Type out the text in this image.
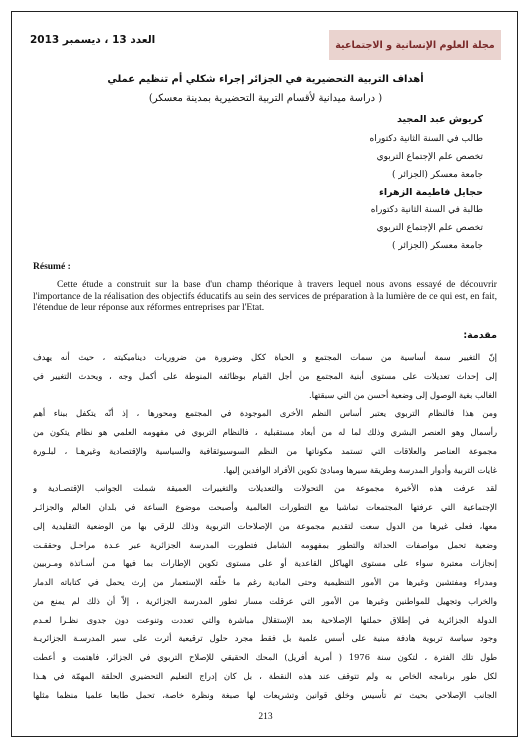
العدد 13 ، ديسمبر 2013	مجلة العلوم الإنسانية و الاجتماعية
أهداف التربية التحضيرية في الجزائر إجراء شكلي أم تنظيم عملي
( دراسة ميدانية لأقسام التربية التحضيرية بمدينة معسكر)
كريوش عبد المجيد
طالب في السنة الثانية دكتوراه
تخصص علم الإجتماع التربوي
جامعة معسكر (الجزائر )
حجايل فاطيمة الزهراء
طالبة في السنة الثانية دكتوراه
تخصص علم الإجتماع التربوي
جامعة معسكر (الجزائر )
Résumé :
Cette étude a construit sur la base d'un champ théorique à travers lequel nous avons essayé de découvrir l'importance de la réalisation des objectifs éducatifs au sein des services de préparation à la lumière de ce qui est, en fait, l'étendue de leur réponse aux réformes entreprises par l'Etat.
مقدمة:
إنّ التغيير سمة أساسية من سمات المجتمع و الحياة ككل وضرورة من ضروريات ديناميكيته ، حيث أنه يهدف
إلى إحداث تعديلات على مستوى أبنية المجتمع من أجل القيام بوظائفه المنوطة على أكمل وجه ، ويحدث التغيير في
الغالب بغية الوصول إلى وضعية أحسن من التي سبقتها.
ومن هذا فالنظام التربوي يعتبر أساس النظم الأخرى الموجودة في المجتمع ومحورها ، إذ أنّه يتكفل ببناء أهم
رأسمال وهو العنصر البشري وذلك لما له من أبعاد مستقبلية ، فالنظام التربوي في مفهومه العلمي هو نظام يتكون من
مجموعة العناصر والعلاقات التي تستمد مكوناتها من النظم السوسيوثقافية والسياسية والإقتصادية وغيرهـا ، لبلـورة
غايات التربية وأدوار المدرسة وطريقة سيرها ومبادئ تكوين الأفراد الوافدين إليها.
لقد عرفت هذه الأخيرة مجموعة من التحولات والتعديلات والتغييرات العميقة شملت الجوانب الإقتصـادية و
الإجتماعية التي عرفتها المجتمعات تماشيا مع التطورات العالمية وأصبحت موضوع الساعة في بلدان العالم والجزائـر
معها، فعلى غيرها من الدول سعت لتقديم مجموعة من الإصلاحات التربوية وذلك للرقي بها من الوضعية التقليدية إلى
وضعية تحمل مواصفات الحداثة والتطور بمفهومه الشامل فتطورت المدرسة الجزائرية عبر عـدة مراحـل وحققـت
إنجازات معتبرة سواء على مستوى الهياكل القاعدية أو على مستوى تكوين الإطارات بما فيها مـن أسـاتذة ومـربيين
ومدراء ومفتشين وغيرها من الأمور التنظيمية وحتى المادية رغم ما خلّفه الإستعمار من إرث يحمل في كتاباته الدمار
والخراب وتجهيل للمواطنين وغيرها من الأمور التي عرقلت مسار تطور المدرسة الجزائرية ، إلاّ أن ذلك لم يمنع من
الدولة الجزائرية في إطلاق حملتها الإصلاحية بعد الإستقلال مباشرة والتي تعددت وتنوعت دون جدوى نظـرا لعـدم
وجود سياسة تربوية هادفة مبنية على أسس علمية بل فقط مجرد حلول ترقيعية أثرت على سير المدرسـة الجزائريـة
طول تلك الفترة ، لتكون سنة 1976 ( أمرية أفريل) المحك الحقيقي للإصلاح التربوي في الجزائر، فاهتمت و أعطت
لكل طور برنامجه الخاص به ولم تتوقف عند هذه النقطة ، بل كان إدراج التعليم التحضيري الحلقة المهمّة في هـذا
الجانب الإصلاحي بحيث تم تأسيس وخلق قوانين وتشريعات لها صبغة ونظرة خاصة، تحمل طابعا علميا منظما مثلها
213
